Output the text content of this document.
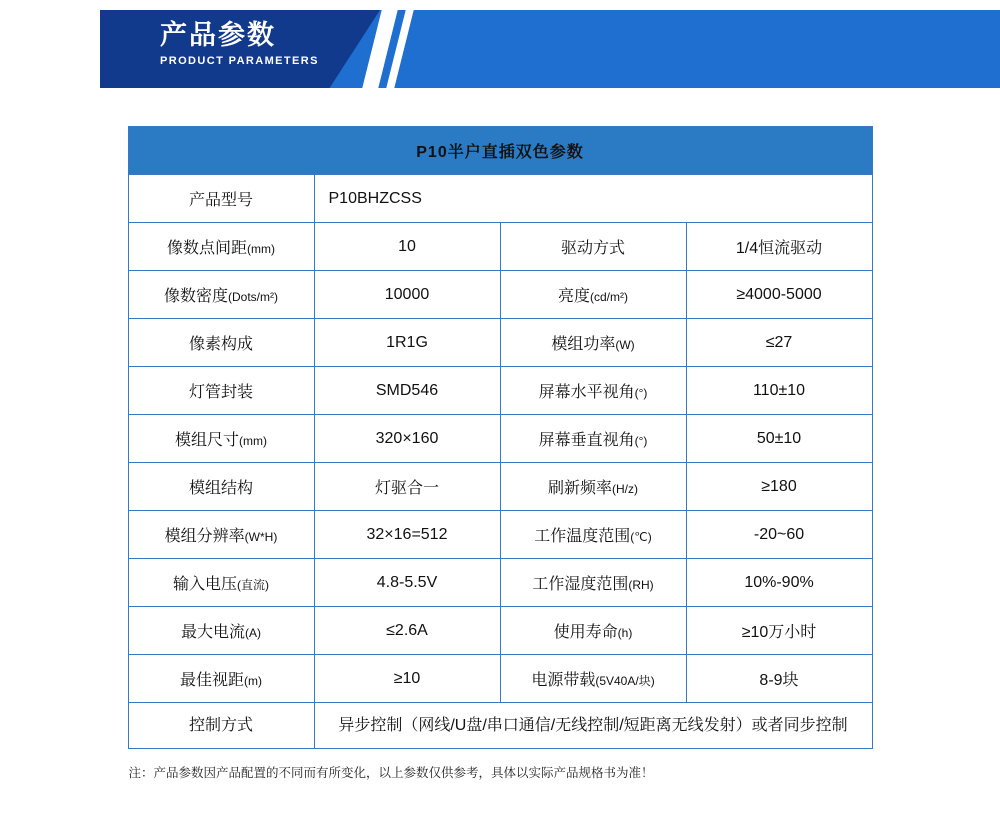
产品参数
PRODUCT PARAMETERS
P10半户直插双色参数			
产品型号	P10BHZCSS		
像数点间距(mm)	10	驱动方式	1/4恒流驱动
像数密度(Dots/m²)	10000	亮度(cd/m²)	≥4000-5000
像素构成	1R1G	模组功率(W)	≤27
灯管封装	SMD546	屏幕水平视角(°)	110±10
模组尺寸(mm)	320×160	屏幕垂直视角(°)	50±10
模组结构	灯驱合一	刷新频率(H/z)	≥180
模组分辨率(W*H)	32×16=512	工作温度范围(℃)	-20~60
输入电压(直流)	4.8-5.5V	工作湿度范围(RH)	10%-90%
最大电流(A)	≤2.6A	使用寿命(h)	≥10万小时
最佳视距(m)	≥10	电源带载(5V40A/块)	8-9块
控制方式	异步控制（网线/U盘/串口通信/无线控制/短距离无线发射）或者同步控制		
注：产品参数因产品配置的不同而有所变化，以上参数仅供参考，具体以实际产品规格书为准！
